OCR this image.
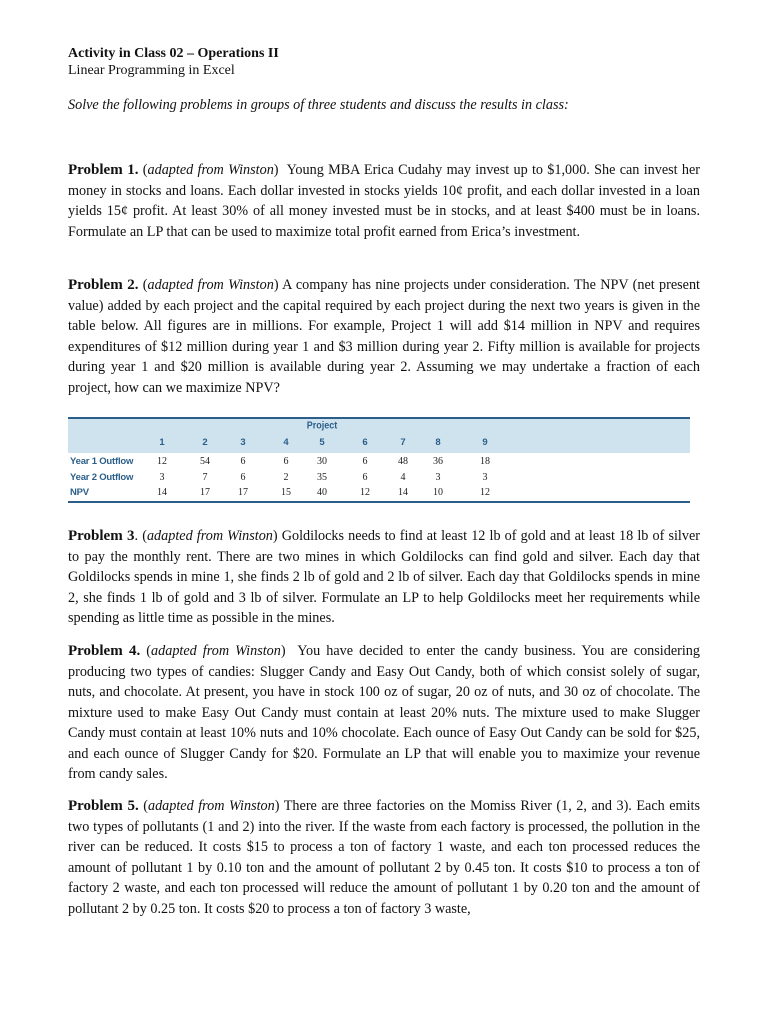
Activity in Class 02 – Operations II
Linear Programming in Excel
Solve the following problems in groups of three students and discuss the results in class:
Problem 1. (adapted from Winston)  Young MBA Erica Cudahy may invest up to $1,000. She can invest her money in stocks and loans. Each dollar invested in stocks yields 10¢ profit, and each dollar invested in a loan yields 15¢ profit. At least 30% of all money invested must be in stocks, and at least $400 must be in loans. Formulate an LP that can be used to maximize total profit earned from Erica’s investment.
Problem 2. (adapted from Winston) A company has nine projects under consideration. The NPV (net present value) added by each project and the capital required by each project during the next two years is given in the table below. All figures are in millions. For example, Project 1 will add $14 million in NPV and requires expenditures of $12 million during year 1 and $3 million during year 2. Fifty million is available for projects during year 1 and $20 million is available during year 2. Assuming we may undertake a fraction of each project, how can we maximize NPV?
Project
1	2	3	4	5	6	7	8	9
Year 1 Outflow	12	54	6	6	30	6	48	36	18
Year 2 Outflow	3	7	6	2	35	6	4	3	3
NPV	14	17	17	15	40	12	14	10	12
Problem 3. (adapted from Winston) Goldilocks needs to find at least 12 lb of gold and at least 18 lb of silver to pay the monthly rent. There are two mines in which Goldilocks can find gold and silver. Each day that Goldilocks spends in mine 1, she finds 2 lb of gold and 2 lb of silver. Each day that Goldilocks spends in mine 2, she finds 1 lb of gold and 3 lb of silver. Formulate an LP to help Goldilocks meet her requirements while spending as little time as possible in the mines.
Problem 4. (adapted from Winston)  You have decided to enter the candy business. You are considering producing two types of candies: Slugger Candy and Easy Out Candy, both of which consist solely of sugar, nuts, and chocolate. At present, you have in stock 100 oz of sugar, 20 oz of nuts, and 30 oz of chocolate. The mixture used to make Easy Out Candy must contain at least 20% nuts. The mixture used to make Slugger Candy must contain at least 10% nuts and 10% chocolate. Each ounce of Easy Out Candy can be sold for $25, and each ounce of Slugger Candy for $20. Formulate an LP that will enable you to maximize your revenue from candy sales.
Problem 5. (adapted from Winston) There are three factories on the Momiss River (1, 2, and 3). Each emits two types of pollutants (1 and 2) into the river. If the waste from each factory is processed, the pollution in the river can be reduced. It costs $15 to process a ton of factory 1 waste, and each ton processed reduces the amount of pollutant 1 by 0.10 ton and the amount of pollutant 2 by 0.45 ton. It costs $10 to process a ton of factory 2 waste, and each ton processed will reduce the amount of pollutant 1 by 0.20 ton and the amount of pollutant 2 by 0.25 ton. It costs $20 to process a ton of factory 3 waste,
